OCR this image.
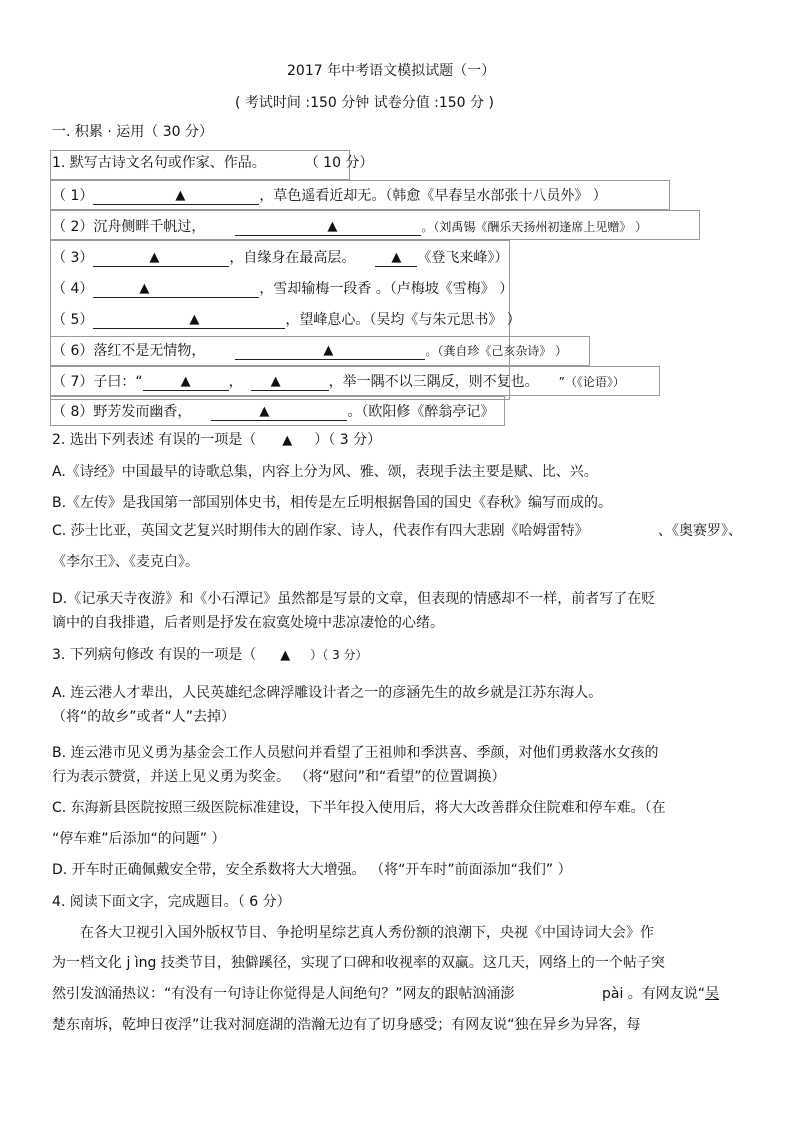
2017 年中考语文模拟试题（一）
( 考试时间 :150 分钟 试卷分值 :150 分 )
一. 积累 · 运用（ 30 分）
1. 默写古诗文名句或作家、作品。	（ 10 分）
（ 1）	▲	，草色遥看近却无。（韩愈《早春呈水部张十八员外》 ）
（ 2）沉舟侧畔千帆过，	▲	。（刘禹锡《酬乐天扬州初逢席上见赠》 ）
（ 3）	▲	，自缘身在最高层。	▲ 《登飞来峰》）
（ 4）	▲	，雪却输梅一段香 。（卢梅坡《雪梅》 ）
（ 5）	▲	，望峰息心。（吴均《与朱元思书》 ）
（ 6）落红不是无情物，	▲	。（龚自珍《己亥杂诗》 ）
（ 7）子曰：“	▲	， ▲	，举一隅不以三隅反，则不复也。 ”（《论语》）
（ 8）野芳发而幽香，	▲	。（欧阳修《醉翁亭记》
2. 选出下列表述 有误的一项是（ ▲ ）（ 3 分）
A.《诗经》中国最早的诗歌总集，内容上分为风、雅、颂，表现手法主要是赋、比、兴。
B.《左传》是我国第一部国别体史书，相传是左丘明根据鲁国的国史《春秋》编写而成的。
C. 莎士比亚，英国文艺复兴时期伟大的剧作家、诗人，代表作有四大悲剧《哈姆雷特》	、《奥赛罗》、
《李尔王》、《麦克白》。
D.《记承天寺夜游》和《小石潭记》虽然都是写景的文章，但表现的情感却不一样，前者写了在贬
谪中的自我排遣，后者则是抒发在寂寞处境中悲凉凄怆的心绪。
3. 下列病句修改 有误的一项是（ ▲ ）（ 3 分）
A. 连云港人才辈出，人民英雄纪念碑浮雕设计者之一的彦涵先生的故乡就是江苏东海人。
（将“的故乡”或者“人”去掉）
B. 连云港市见义勇为基金会工作人员慰问并看望了王祖帅和季洪喜、季颜，对他们勇救落水女孩的
行为表示赞赏，并送上见义勇为奖金。 （将“慰问”和“看望”的位置调换）
C. 东海新县医院按照三级医院标准建设，下半年投入使用后，将大大改善群众住院难和停车难。（在
“停车难”后添加“的问题” ）
D. 开车时正确佩戴安全带，安全系数将大大增强。 （将“开车时”前面添加“我们” ）
4. 阅读下面文字，完成题目。（ 6 分）
在各大卫视引入国外版权节目、争抢明星综艺真人秀份额的浪潮下，央视《中国诗词大会》作
为一档文化 j ìng 技类节目，独僻蹊径，实现了口碑和收视率的双赢。这几天，网络上的一个帖子突
然引发汹涌热议：“有没有一句诗让你觉得是人间绝句？”网友的跟帖汹涌澎	pài 。有网友说“吴
楚东南坼，乾坤日夜浮”让我对洞庭湖的浩瀚无边有了切身感受；有网友说“独在异乡为异客，每
